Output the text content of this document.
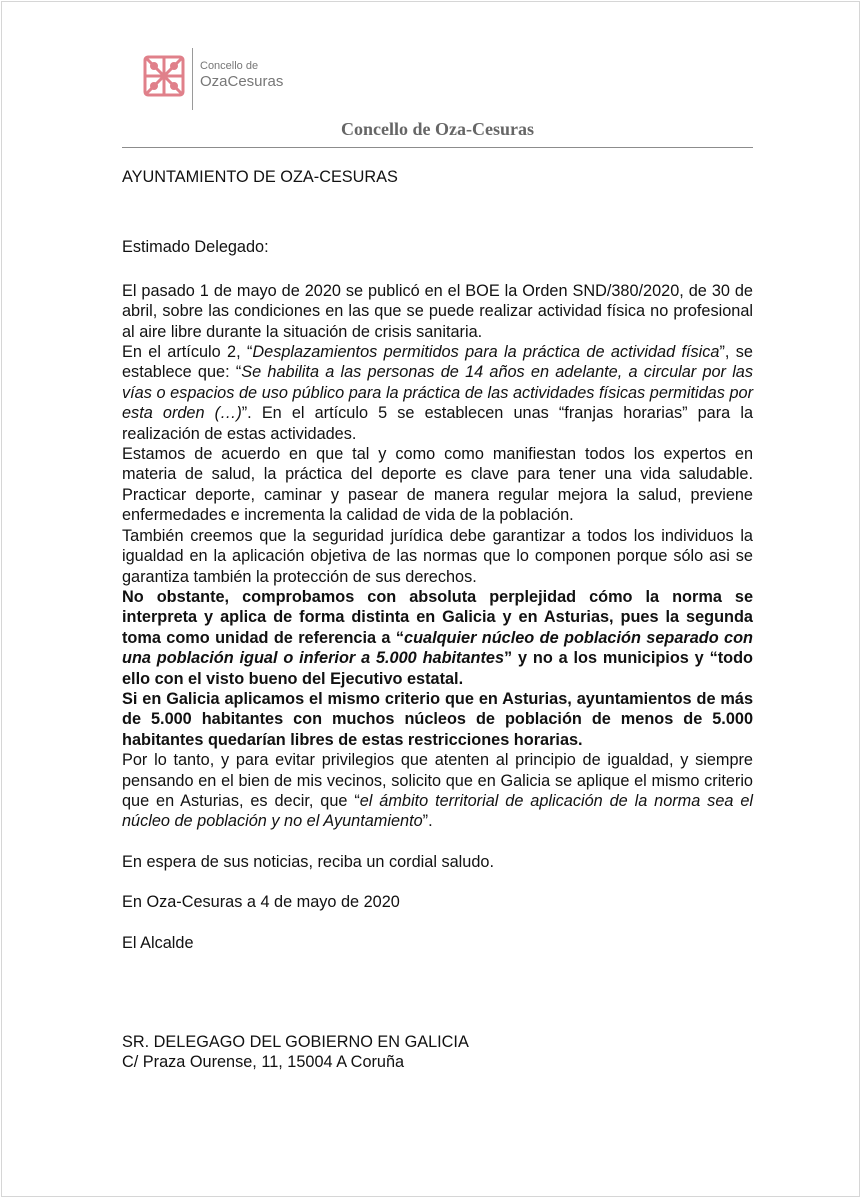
Concello de
OzaCesuras
Concello de Oza-Cesuras

AYUNTAMIENTO DE OZA-CESURAS

Estimado Delegado:

El pasado 1 de mayo de 2020 se publicó en el BOE la Orden SND/380/2020, de 30 de abril, sobre las condiciones en las que se puede realizar actividad física no profesional al aire libre durante la situación de crisis sanitaria.

En el artículo 2, “Desplazamientos permitidos para la práctica de actividad física”, se establece que: “Se habilita a las personas de 14 años en adelante, a circular por las vías o espacios de uso público para la práctica de las actividades físicas permitidas por esta orden (…)”. En el artículo 5 se establecen unas “franjas horarias” para la realización de estas actividades.

Estamos de acuerdo en que tal y como como manifiestan todos los expertos en materia de salud, la práctica del deporte es clave para tener una vida saludable. Practicar deporte, caminar y pasear de manera regular mejora la salud, previene enfermedades e incrementa la calidad de vida de la población.

También creemos que la seguridad jurídica debe garantizar a todos los individuos la igualdad en la aplicación objetiva de las normas que lo componen porque sólo asi se garantiza también la protección de sus derechos.

No obstante, comprobamos con absoluta perplejidad cómo la norma se interpreta y aplica de forma distinta en Galicia y en Asturias, pues la segunda toma como unidad de referencia a “cualquier núcleo de población separado con una población igual o inferior a 5.000 habitantes” y no a los municipios y “todo ello con el visto bueno del Ejecutivo estatal.

Si en Galicia aplicamos el mismo criterio que en Asturias, ayuntamientos de más de 5.000 habitantes con muchos núcleos de población de menos de 5.000 habitantes quedarían libres de estas restricciones horarias.

Por lo tanto, y para evitar privilegios que atenten al principio de igualdad, y siempre pensando en el bien de mis vecinos, solicito que en Galicia se aplique el mismo criterio que en Asturias, es decir, que “el ámbito territorial de aplicación de la norma sea el núcleo de población y no el Ayuntamiento”.

En espera de sus noticias, reciba un cordial saludo.

En Oza-Cesuras a 4 de mayo de 2020

El Alcalde

SR. DELEGAGO DEL GOBIERNO EN GALICIA

C/ Praza Ourense, 11, 15004 A Coruña
